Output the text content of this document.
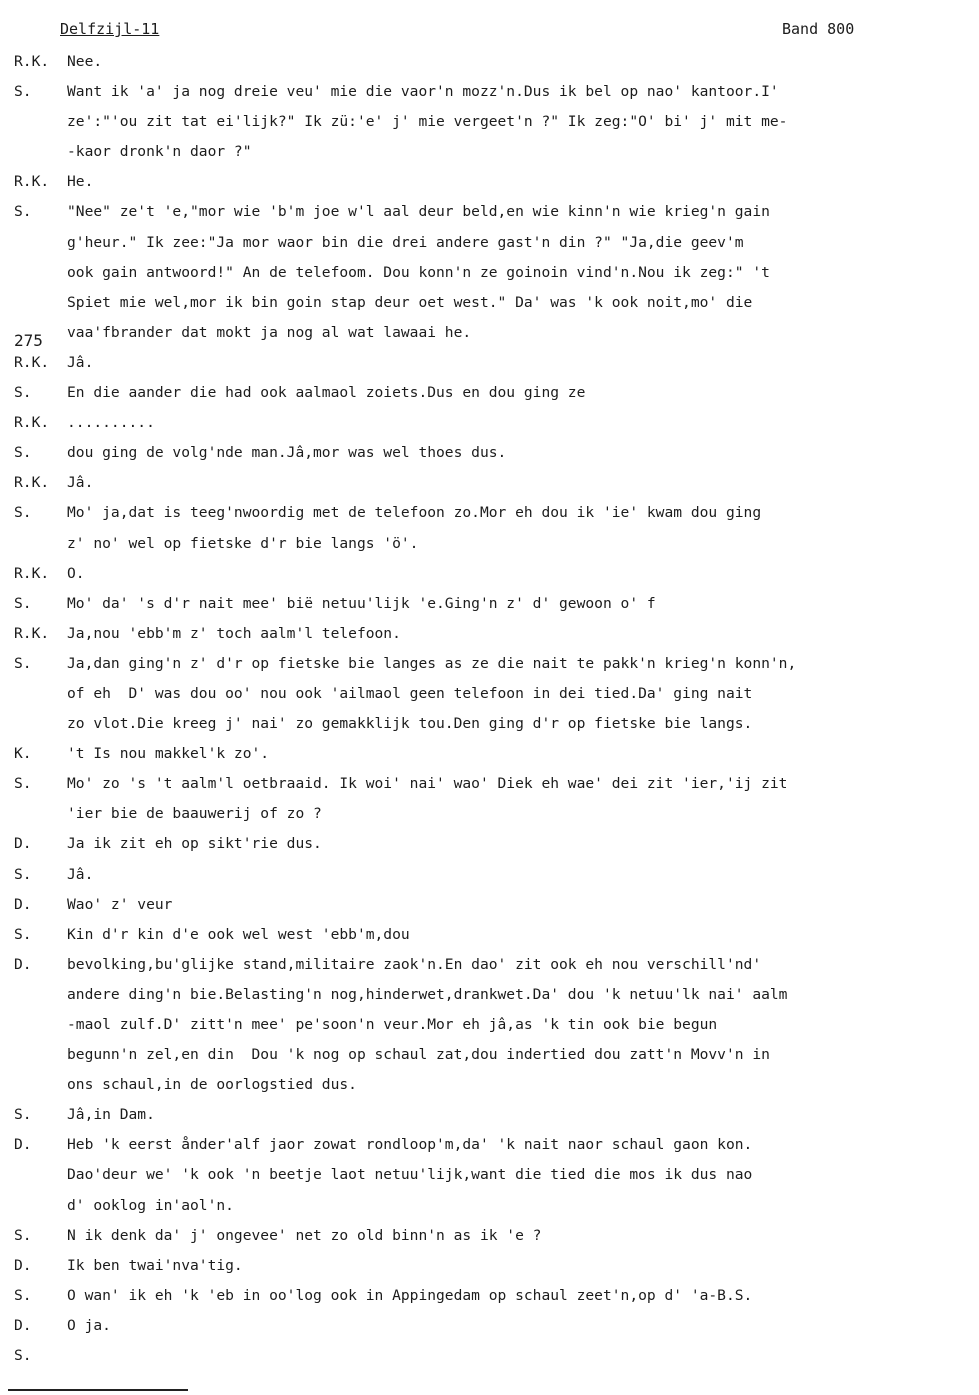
Delfzijl-11	Band 800
275
R.K. Nee.
S. Want ik 'a' ja nog dreie veu' mie die vaor'n mozz'n.Dus ik bel op nao' kantoor.I'
ze':"'ou zit tat ei'lijk?" Ik zü:'e' j' mie vergeet'n ?" Ik zeg:"O' bi' j' mit me-
-kaor dronk'n daor ?"
R.K. He.
S. "Nee" ze't 'e,"mor wie 'b'm joe w'l aal deur beld,en wie kinn'n wie krieg'n gain
g'heur." Ik zee:"Ja mor waor bin die drei andere gast'n din ?" "Ja,die geev'm
ook gain antwoord!" An de telefoom. Dou konn'n ze goinoin vind'n.Nou ik zeg:" 't
Spiet mie wel,mor ik bin goin stap deur oet west." Da' was 'k ook noit,mo' die
vaa'fbrander dat mokt ja nog al wat lawaai he.
R.K. Jâ.
S. En die aander die had ook aalmaol zoiets.Dus en dou ging ze
R.K. ..........
S. dou ging de volg'nde man.Jâ,mor was wel thoes dus.
R.K. Jâ.
S. Mo' ja,dat is teeg'nwoordig met de telefoon zo.Mor eh dou ik 'ie' kwam dou ging
z' no' wel op fietske d'r bie langs 'ö'.
R.K. O.
S. Mo' da' 's d'r nait mee' bië netuu'lijk 'e.Ging'n z' d' gewoon o' f
R.K. Ja,nou 'ebb'm z' toch aalm'l telefoon.
S. Ja,dan ging'n z' d'r op fietske bie langes as ze die nait te pakk'n krieg'n konn'n,
of eh  D' was dou oo' nou ook 'ailmaol geen telefoon in dei tied.Da' ging nait
zo vlot.Die kreeg j' nai' zo gemakklijk tou.Den ging d'r op fietske bie langs.
K. 't Is nou makkel'k zo'.
S. Mo' zo 's 't aalm'l oetbraaid. Ik woi' nai' wao' Diek eh wae' dei zit 'ier,'ij zit
'ier bie de baauwerij of zo ?
D. Ja ik zit eh op sikt'rie dus.
S. Jâ.
D. Wao' z' veur
S. Kin d'r kin d'e ook wel west 'ebb'm,dou
D. bevolking,bu'glijke stand,militaire zaok'n.En dao' zit ook eh nou verschill'nd'
andere ding'n bie.Belasting'n nog,hinderwet,drankwet.Da' dou 'k netuu'lk nai' aalm
-maol zulf.D' zitt'n mee' pe'soon'n veur.Mor eh jâ,as 'k tin ook bie begun
begunn'n zel,en din  Dou 'k nog op schaul zat,dou indertied dou zatt'n Movv'n in
ons schaul,in de oorlogstied dus.
S. Jâ,in Dam.
D. Heb 'k eerst ånder'alf jaor zowat rondloop'm,da' 'k nait naor schaul gaon kon.
Dao'deur we' 'k ook 'n beetje laot netuu'lijk,want die tied die mos ik dus nao
d' ooklog in'aol'n.
S. N ik denk da' j' ongevee' net zo old binn'n as ik 'e ?
D. Ik ben twai'nva'tig.
S. O wan' ik eh 'k 'eb in oo'log ook in Appingedam op schaul zeet'n,op d' 'a-B.S.
D. O ja.
S.
